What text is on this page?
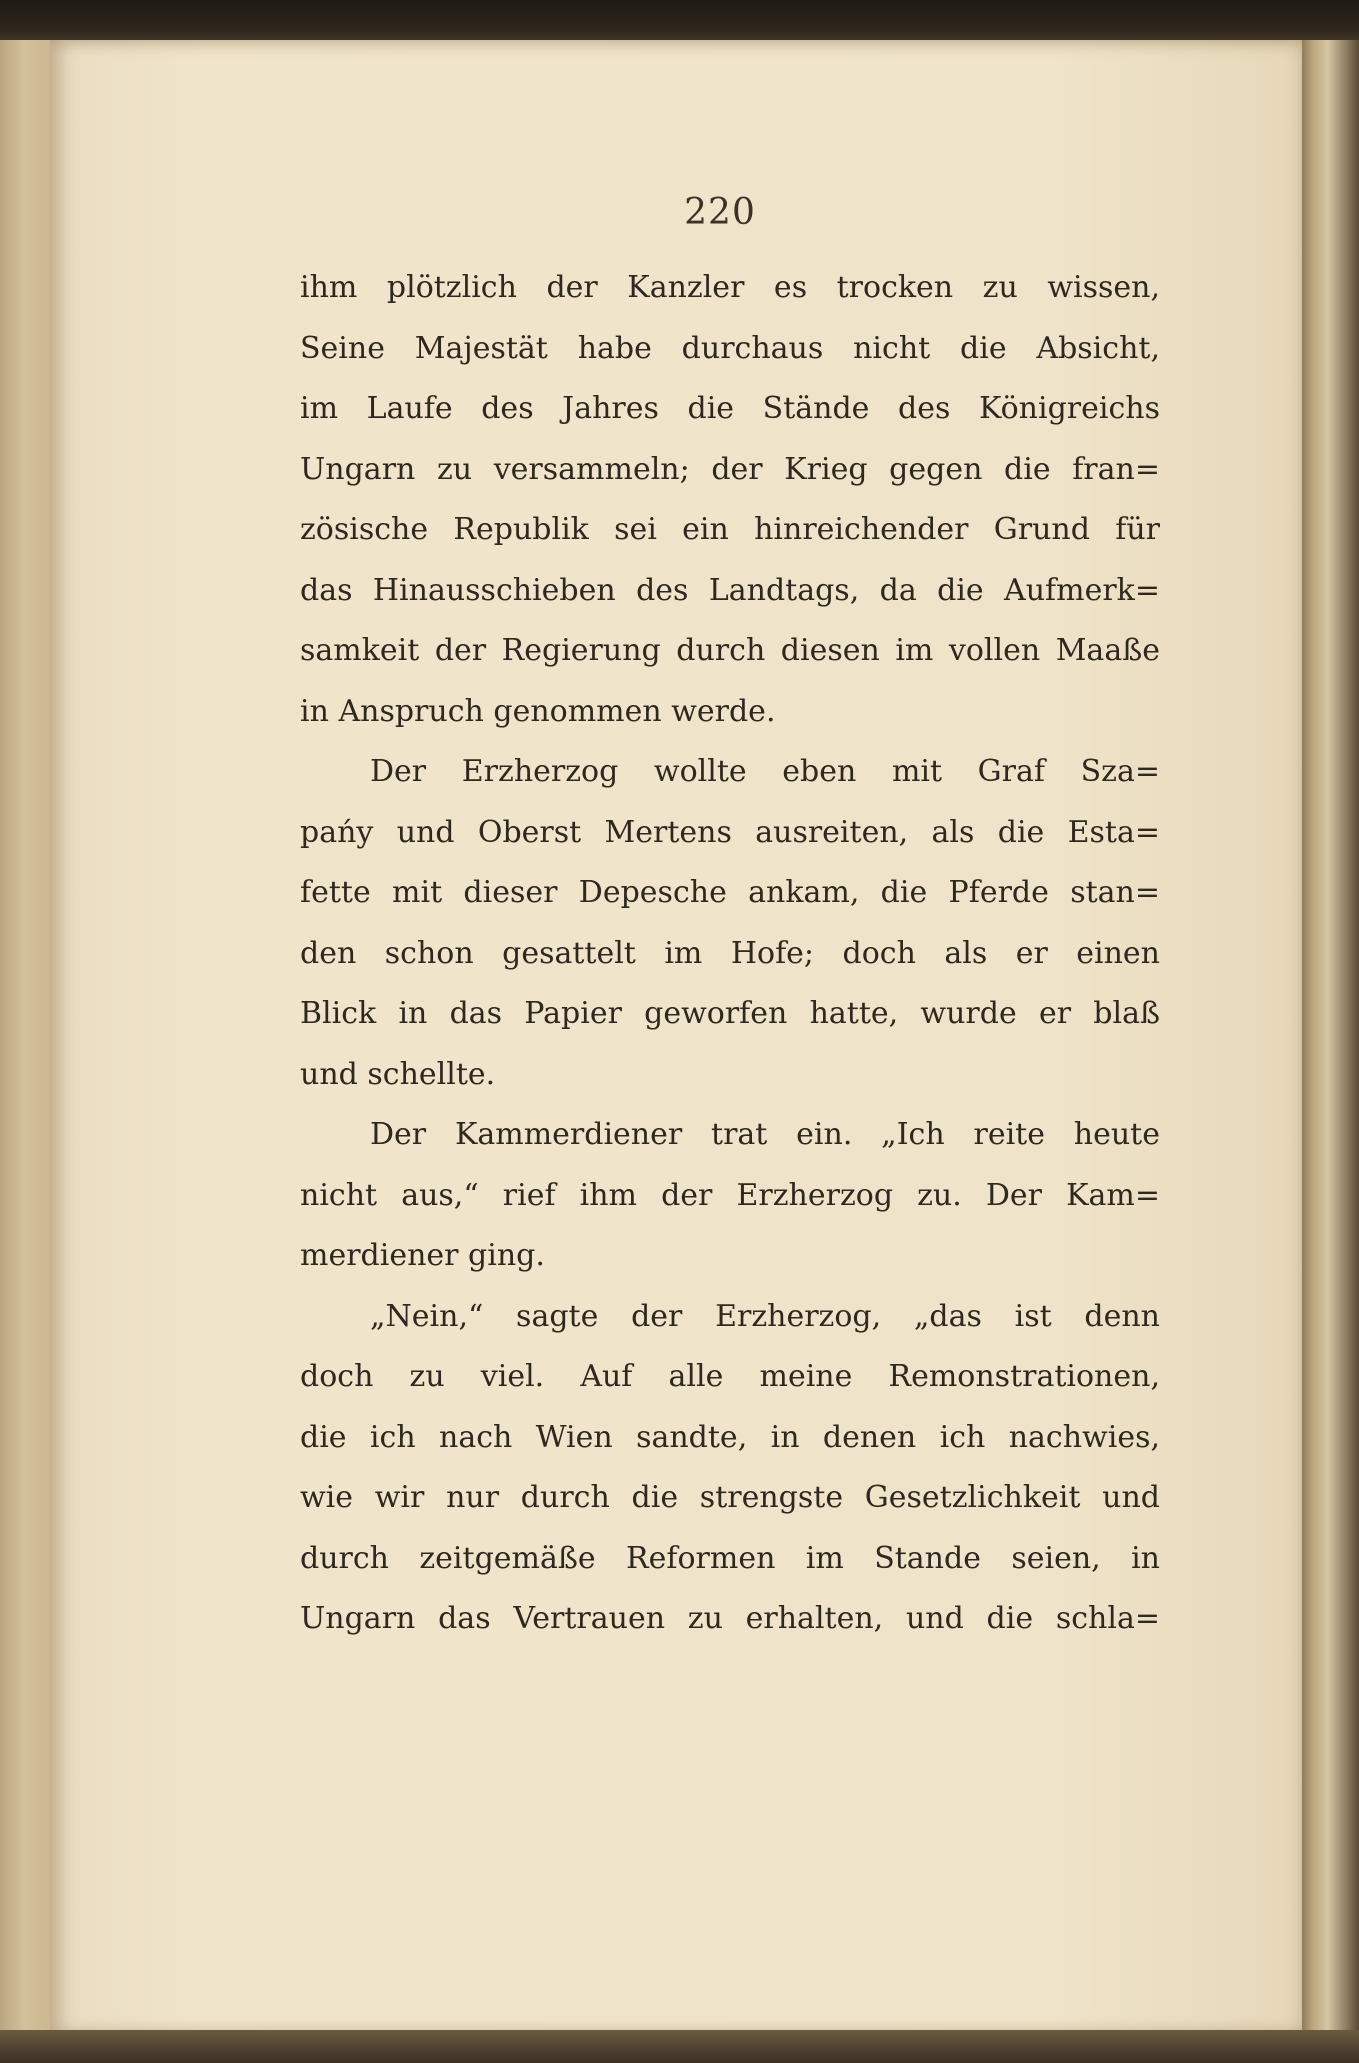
220
ihm plötzlich der Kanzler es trocken zu wissen,
Seine Majestät habe durchaus nicht die Absicht,
im Laufe des Jahres die Stände des Königreichs
Ungarn zu versammeln; der Krieg gegen die fran=
zösische Republik sei ein hinreichender Grund für
das Hinausschieben des Landtags, da die Aufmerk=
samkeit der Regierung durch diesen im vollen Maaße
in Anspruch genommen werde.
Der Erzherzog wollte eben mit Graf Sza=
pańy und Oberst Mertens ausreiten, als die Esta=
fette mit dieser Depesche ankam, die Pferde stan=
den schon gesattelt im Hofe; doch als er einen
Blick in das Papier geworfen hatte, wurde er blaß
und schellte.
Der Kammerdiener trat ein. „Ich reite heute
nicht aus,“ rief ihm der Erzherzog zu. Der Kam=
merdiener ging.
„Nein,“ sagte der Erzherzog, „das ist denn
doch zu viel. Auf alle meine Remonstrationen,
die ich nach Wien sandte, in denen ich nachwies,
wie wir nur durch die strengste Gesetzlichkeit und
durch zeitgemäße Reformen im Stande seien, in
Ungarn das Vertrauen zu erhalten, und die schla=
